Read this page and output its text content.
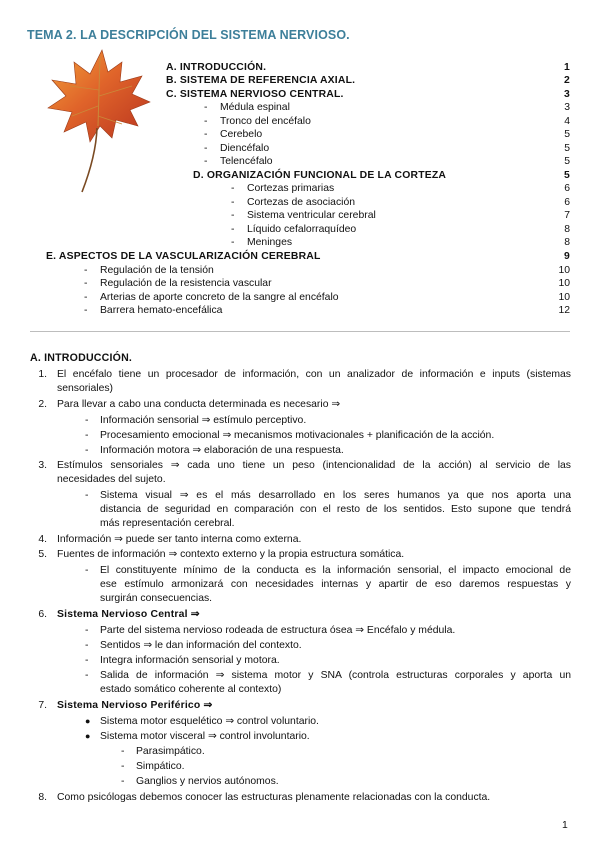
TEMA 2. LA DESCRIPCIÓN DEL SISTEMA NERVIOSO.
A. INTRODUCCIÓN.	1
B. SISTEMA DE REFERENCIA AXIAL.	2
C. SISTEMA NERVIOSO CENTRAL.	3
- Médula espinal	3
- Tronco del encéfalo	4
- Cerebelo	5
- Diencéfalo	5
- Telencéfalo	5
D. ORGANIZACIÓN FUNCIONAL DE LA CORTEZA	5
- Cortezas primarias	6
- Cortezas de asociación	6
- Sistema ventricular cerebral	7
- Líquido cefalorraquídeo	8
- Meninges	8
E. ASPECTOS DE LA VASCULARIZACIÓN CEREBRAL	9
- Regulación de la tensión	10
- Regulación de la resistencia vascular	10
- Arterias de aporte concreto de la sangre al encéfalo	10
- Barrera hemato-encefálica	12
A. INTRODUCCIÓN.
1. El encéfalo tiene un procesador de información, con un analizador de información e inputs (sistemas
sensoriales)
2. Para llevar a cabo una conducta determinada es necesario ⇒
- Información sensorial ⇒ estímulo perceptivo.
- Procesamiento emocional ⇒ mecanismos motivacionales + planificación de la acción.
- Información motora ⇒ elaboración de una respuesta.
3. Estímulos sensoriales ⇒ cada uno tiene un peso (intencionalidad de la acción) al servicio de las
necesidades del sujeto.
- Sistema visual ⇒ es el más desarrollado en los seres humanos ya que nos aporta una
distancia de seguridad en comparación con el resto de los sentidos. Esto supone que tendrá
más representación cerebral.
4. Información ⇒ puede ser tanto interna como externa.
5. Fuentes de información ⇒ contexto externo y la propia estructura somática.
- El constituyente mínimo de la conducta es la información sensorial, el impacto emocional de
ese estímulo armonizará con necesidades internas y apartir de eso daremos respuestas y
surgirán consecuencias.
6. Sistema Nervioso Central ⇒
- Parte del sistema nervioso rodeada de estructura ósea ⇒ Encéfalo y médula.
- Sentidos ⇒ le dan información del contexto.
- Integra información sensorial y motora.
- Salida de información ⇒ sistema motor y SNA (controla estructuras corporales y aporta un
estado somático coherente al contexto)
7. Sistema Nervioso Periférico ⇒
● Sistema motor esquelético ⇒ control voluntario.
● Sistema motor visceral ⇒ control involuntario.
- Parasimpático.
- Simpático.
- Ganglios y nervios autónomos.
8. Como psicólogas debemos conocer las estructuras plenamente relacionadas con la conducta.
1
